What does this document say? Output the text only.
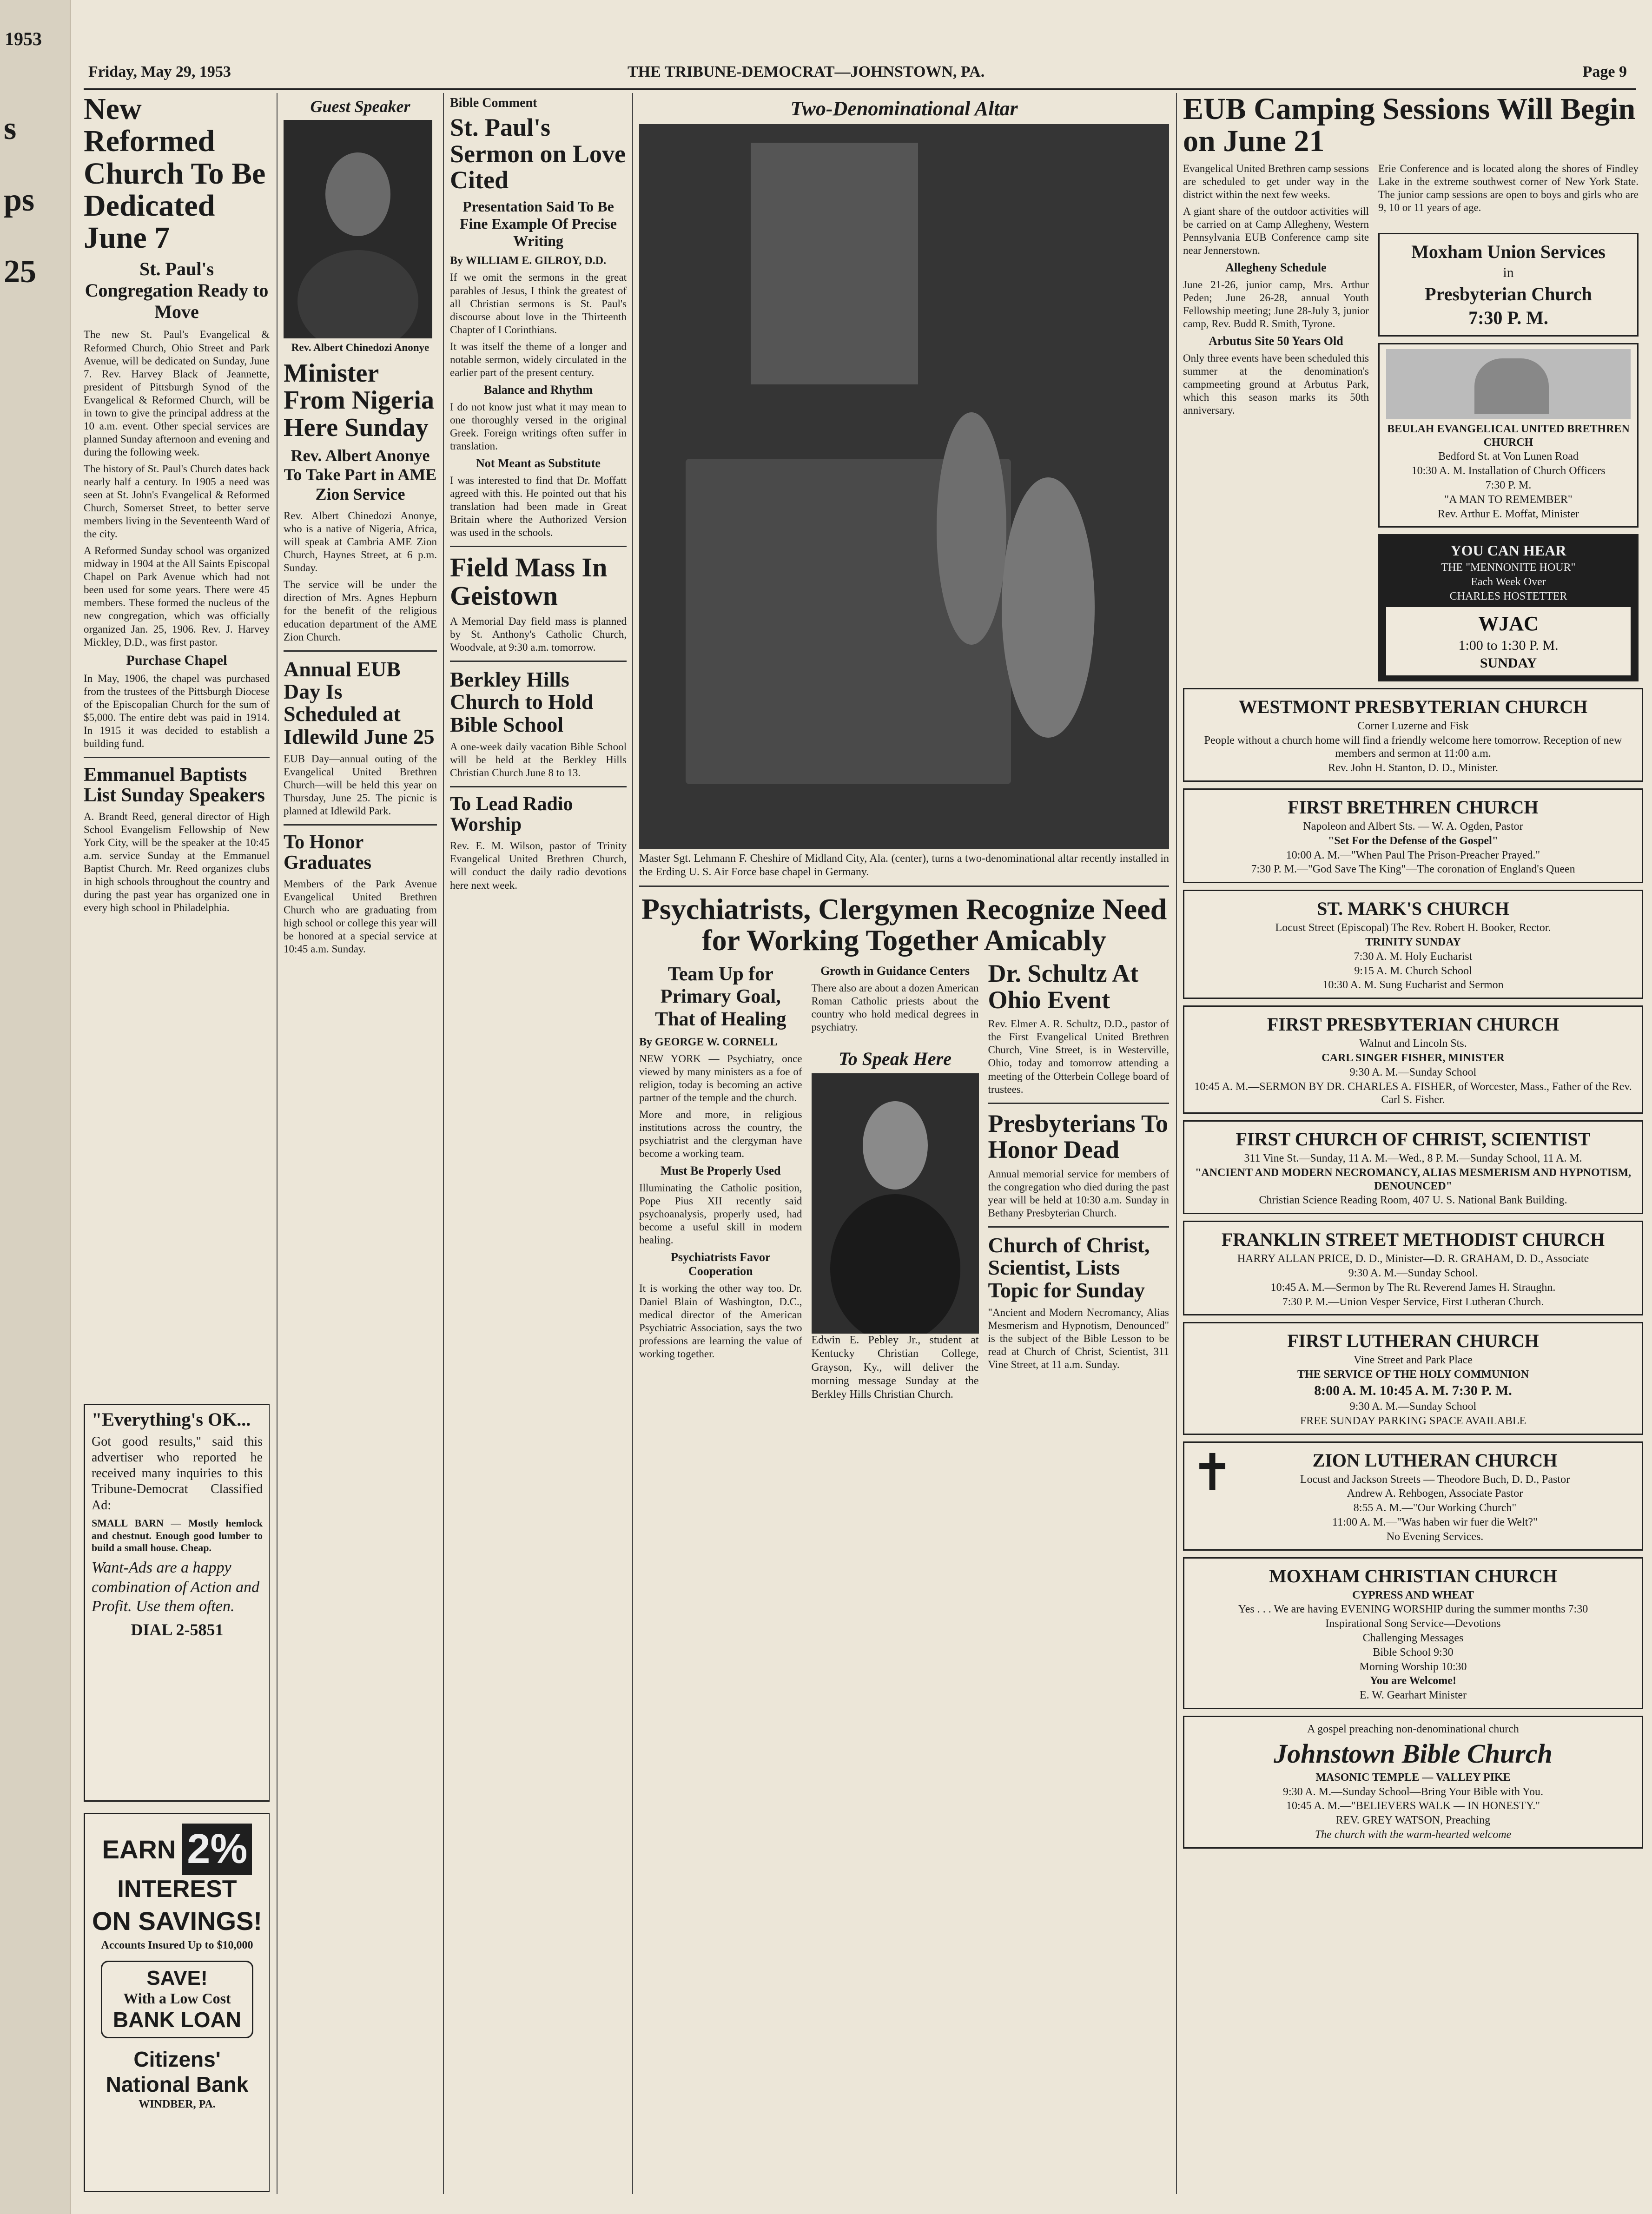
1953
s
ps
25
Friday, May 29, 1953	THE TRIBUNE-DEMOCRAT—JOHNSTOWN, PA.	Page 9
New Reformed Church To Be Dedicated June 7
St. Paul's Congregation Ready to Move

The new St. Paul's Evangelical & Reformed Church, Ohio Street and Park Avenue, will be dedicated on Sunday, June 7. Rev. Harvey Black of Jeannette, president of Pittsburgh Synod of the Evangelical & Reformed Church, will be in town to give the principal address at the 10 a.m. event. Other special services are planned Sunday afternoon and evening and during the following week.

The history of St. Paul's Church dates back nearly half a century. In 1905 a need was seen at St. John's Evangelical & Reformed Church, Somerset Street, to better serve members living in the Seventeenth Ward of the city.

A Reformed Sunday school was organized midway in 1904 at the All Saints Episcopal Chapel on Park Avenue which had not been used for some years. There were 45 members. These formed the nucleus of the new congregation, which was officially organized Jan. 25, 1906. Rev. J. Harvey Mickley, D.D., was first pastor.

Purchase Chapel

In May, 1906, the chapel was purchased from the trustees of the Pittsburgh Diocese of the Episcopalian Church for the sum of $5,000. The entire debt was paid in 1914. In 1915 it was decided to establish a building fund.

Emmanuel Baptists List Sunday Speakers

A. Brandt Reed, general director of High School Evangelism Fellowship of New York City, will be the speaker at the 10:45 a.m. service Sunday at the Emmanuel Baptist Church. Mr. Reed organizes clubs in high schools throughout the country and during the past year has organized one in every high school in Philadelphia.

"Everything's OK...

Got good results," said this advertiser who reported he received many inquiries to this Tribune-Democrat Classified Ad:

SMALL BARN — Mostly hemlock and chestnut. Enough good lumber to build a small house. Cheap.

Want-Ads are a happy combination of Action and Profit. Use them often.

DIAL 2-5851
EARN 2%
INTEREST
ON SAVINGS!
Accounts Insured Up to $10,000
SAVE!
With a Low Cost
BANK LOAN
Citizens' National Bank
WINDBER, PA.
Guest Speaker
Rev. Albert Chinedozi Anonye
Minister From Nigeria Here Sunday
Rev. Albert Anonye To Take Part in AME Zion Service

Rev. Albert Chinedozi Anonye, who is a native of Nigeria, Africa, will speak at Cambria AME Zion Church, Haynes Street, at 6 p.m. Sunday.

The service will be under the direction of Mrs. Agnes Hepburn for the benefit of the religious education department of the AME Zion Church.

Annual EUB Day Is Scheduled at Idlewild June 25

EUB Day—annual outing of the Evangelical United Brethren Church—will be held this year on Thursday, June 25. The picnic is planned at Idlewild Park.

To Honor Graduates

Members of the Park Avenue Evangelical United Brethren Church who are graduating from high school or college this year will be honored at a special service at 10:45 a.m. Sunday.

Bible Comment
St. Paul's Sermon on Love Cited
Presentation Said To Be Fine Example Of Precise Writing
By WILLIAM E. GILROY, D.D.

If we omit the sermons in the great parables of Jesus, I think the greatest of all Christian sermons is St. Paul's discourse about love in the Thirteenth Chapter of I Corinthians.

It was itself the theme of a longer and notable sermon, widely circulated in the earlier part of the present century.

Balance and Rhythm

I do not know just what it may mean to one thoroughly versed in the original Greek. Foreign writings often suffer in translation.

Not Meant as Substitute

I was interested to find that Dr. Moffatt agreed with this. He pointed out that his translation had been made in Great Britain where the Authorized Version was used in the schools.

Field Mass In Geistown

A Memorial Day field mass is planned by St. Anthony's Catholic Church, Woodvale, at 9:30 a.m. tomorrow.

Berkley Hills Church to Hold Bible School

A one-week daily vacation Bible School will be held at the Berkley Hills Christian Church June 8 to 13.

To Lead Radio Worship

Rev. E. M. Wilson, pastor of Trinity Evangelical United Brethren Church, will conduct the daily radio devotions here next week.

Two-Denominational Altar
Master Sgt. Lehmann F. Cheshire of Midland City, Ala. (center), turns a two-denominational altar recently installed in the Erding U. S. Air Force base chapel in Germany.
Psychiatrists, Clergymen Recognize Need for Working Together Amicably
Team Up for Primary Goal, That of Healing
By GEORGE W. CORNELL

NEW YORK — Psychiatry, once viewed by many ministers as a foe of religion, today is becoming an active partner of the temple and the church.

More and more, in religious institutions across the country, the psychiatrist and the clergyman have become a working team.

Must Be Properly Used

Illuminating the Catholic position, Pope Pius XII recently said psychoanalysis, properly used, had become a useful skill in modern healing.

Psychiatrists Favor Cooperation

It is working the other way too. Dr. Daniel Blain of Washington, D.C., medical director of the American Psychiatric Association, says the two professions are learning the value of working together.

Growth in Guidance Centers

There also are about a dozen American Roman Catholic priests about the country who hold medical degrees in psychiatry.

To Speak Here

Edwin E. Pebley Jr., student at Kentucky Christian College, Grayson, Ky., will deliver the morning message Sunday at the Berkley Hills Christian Church.

Dr. Schultz At Ohio Event

Rev. Elmer A. R. Schultz, D.D., pastor of the First Evangelical United Brethren Church, Vine Street, is in Westerville, Ohio, today and tomorrow attending a meeting of the Otterbein College board of trustees.

Presbyterians To Honor Dead

Annual memorial service for members of the congregation who died during the past year will be held at 10:30 a.m. Sunday in Bethany Presbyterian Church.

Church of Christ, Scientist, Lists Topic for Sunday

"Ancient and Modern Necromancy, Alias Mesmerism and Hypnotism, Denounced" is the subject of the Bible Lesson to be read at Church of Christ, Scientist, 311 Vine Street, at 11 a.m. Sunday.

EUB Camping Sessions Will Begin on June 21

Evangelical United Brethren camp sessions are scheduled to get under way in the district within the next few weeks.

A giant share of the outdoor activities will be carried on at Camp Allegheny, Western Pennsylvania EUB Conference camp site near Jennerstown.

Allegheny Schedule

June 21-26, junior camp, Mrs. Arthur Peden; June 26-28, annual Youth Fellowship meeting; June 28-July 3, junior camp, Rev. Budd R. Smith, Tyrone.

Arbutus Site 50 Years Old

Only three events have been scheduled this summer at the denomination's campmeeting ground at Arbutus Park, which this season marks its 50th anniversary.

Erie Conference and is located along the shores of Findley Lake in the extreme southwest corner of New York State. The junior camp sessions are open to boys and girls who are 9, 10 or 11 years of age.

Moxham Union Services
in
Presbyterian Church
7:30 P. M.
BEULAH EVANGELICAL UNITED BRETHREN CHURCH
Bedford St. at Von Lunen Road
10:30 A. M. Installation of Church Officers
7:30 P. M.
"A MAN TO REMEMBER"
Rev. Arthur E. Moffat, Minister
YOU CAN HEAR
THE "MENNONITE HOUR"
Each Week Over
CHARLES HOSTETTER
WJAC
1:00 to 1:30 P. M.
SUNDAY
WESTMONT PRESBYTERIAN CHURCH
Corner Luzerne and Fisk
People without a church home will find a friendly welcome here tomorrow. Reception of new members and sermon at 11:00 a.m.
Rev. John H. Stanton, D. D., Minister.
FIRST BRETHREN CHURCH
Napoleon and Albert Sts. — W. A. Ogden, Pastor
"Set For the Defense of the Gospel"
10:00 A. M.—"When Paul The Prison-Preacher Prayed."
7:30 P. M.—"God Save The King"—The coronation of England's Queen
ST. MARK'S CHURCH
Locust Street (Episcopal) The Rev. Robert H. Booker, Rector.
TRINITY SUNDAY
7:30 A. M. Holy Eucharist
9:15 A. M. Church School
10:30 A. M. Sung Eucharist and Sermon
FIRST PRESBYTERIAN CHURCH
Walnut and Lincoln Sts.
CARL SINGER FISHER, MINISTER
9:30 A. M.—Sunday School
10:45 A. M.—SERMON BY DR. CHARLES A. FISHER, of Worcester, Mass., Father of the Rev. Carl S. Fisher.
FIRST CHURCH OF CHRIST, SCIENTIST
311 Vine St.—Sunday, 11 A. M.—Wed., 8 P. M.—Sunday School, 11 A. M.
"ANCIENT AND MODERN NECROMANCY, ALIAS MESMERISM AND HYPNOTISM, DENOUNCED"
Christian Science Reading Room, 407 U. S. National Bank Building.
FRANKLIN STREET METHODIST CHURCH
HARRY ALLAN PRICE, D. D., Minister—D. R. GRAHAM, D. D., Associate
9:30 A. M.—Sunday School.
10:45 A. M.—Sermon by The Rt. Reverend James H. Straughn.
7:30 P. M.—Union Vesper Service, First Lutheran Church.
FIRST LUTHERAN CHURCH
Vine Street and Park Place
THE SERVICE OF THE HOLY COMMUNION
8:00 A. M. 10:45 A. M. 7:30 P. M.
9:30 A. M.—Sunday School
FREE SUNDAY PARKING SPACE AVAILABLE
✝	ZION LUTHERAN CHURCH
Locust and Jackson Streets — Theodore Buch, D. D., Pastor
Andrew A. Rehbogen, Associate Pastor
8:55 A. M.—"Our Working Church"
11:00 A. M.—"Was haben wir fuer die Welt?"
No Evening Services.
MOXHAM CHRISTIAN CHURCH
CYPRESS AND WHEAT
Yes . . . We are having EVENING WORSHIP during the summer months 7:30
Inspirational Song Service—Devotions
Challenging Messages
Bible School 9:30
Morning Worship 10:30
You are Welcome!
E. W. Gearhart Minister
A gospel preaching non-denominational church
Johnstown Bible Church
MASONIC TEMPLE — VALLEY PIKE
9:30 A. M.—Sunday School—Bring Your Bible with You.
10:45 A. M.—"BELIEVERS WALK — IN HONESTY."
REV. GREY WATSON, Preaching
The church with the warm-hearted welcome
